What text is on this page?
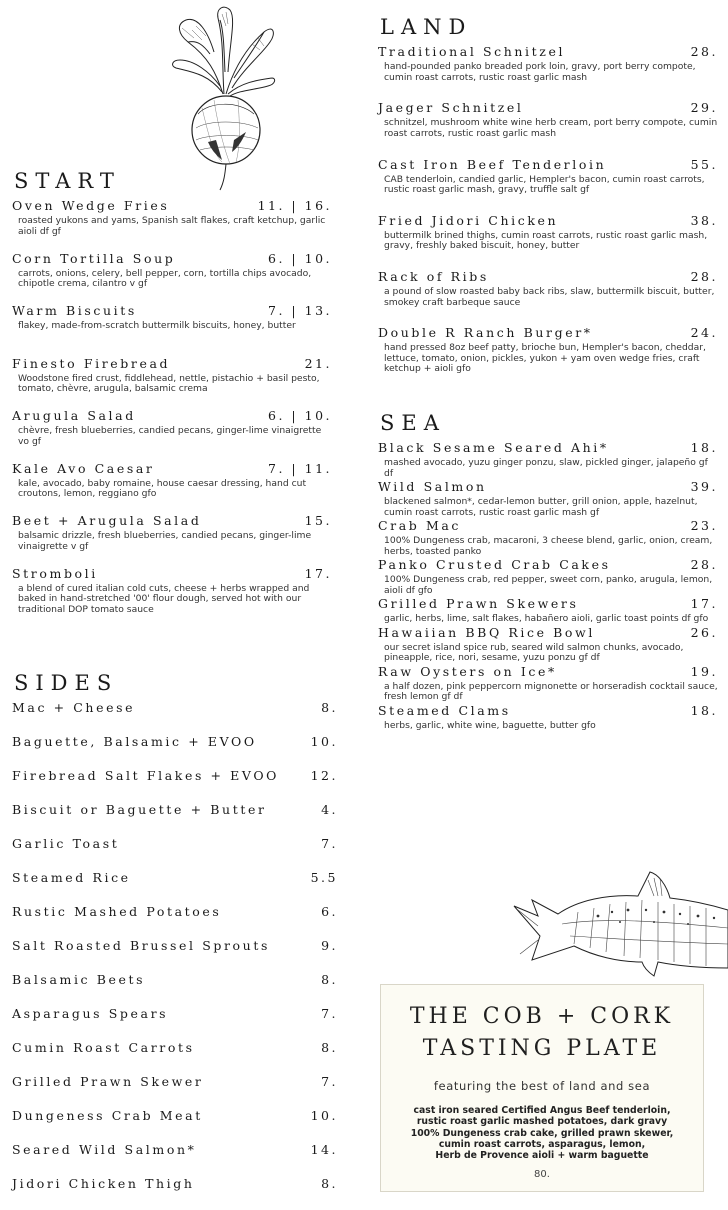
START
Oven Wedge Fries	11. | 16.
roasted yukons and yams, Spanish salt flakes, craft ketchup, garlic aioli df gf
Corn Tortilla Soup	6. | 10.
carrots, onions, celery, bell pepper, corn, tortilla chips avocado, chipotle crema, cilantro v gf
Warm Biscuits	7. | 13.
flakey, made-from-scratch buttermilk biscuits, honey, butter
Finesto Firebread	21.
Woodstone fired crust, fiddlehead, nettle, pistachio + basil pesto, tomato, chèvre, arugula, balsamic crema
Arugula Salad	6. | 10.
chèvre, fresh blueberries, candied pecans, ginger-lime vinaigrette vo gf
Kale Avo Caesar	7. | 11.
kale, avocado, baby romaine, house caesar dressing, hand cut croutons, lemon, reggiano gfo
Beet + Arugula Salad	15.
balsamic drizzle, fresh blueberries, candied pecans, ginger-lime vinaigrette v gf
Stromboli	17.
a blend of cured italian cold cuts, cheese + herbs wrapped and baked in hand-stretched '00' flour dough, served hot with our traditional DOP tomato sauce
SIDES
Mac + Cheese	8.
Baguette, Balsamic + EVOO	10.
Firebread Salt Flakes + EVOO	12.
Biscuit or Baguette + Butter	4.
Garlic Toast	7.
Steamed Rice	5.5
Rustic Mashed Potatoes	6.
Salt Roasted Brussel Sprouts	9.
Balsamic Beets	8.
Asparagus Spears	7.
Cumin Roast Carrots	8.
Grilled Prawn Skewer	7.
Dungeness Crab Meat	10.
Seared Wild Salmon*	14.
Jidori Chicken Thigh	8.
LAND
Traditional Schnitzel	28.
hand-pounded panko breaded pork loin, gravy, port berry compote, cumin roast carrots, rustic roast garlic mash
Jaeger Schnitzel	29.
schnitzel, mushroom white wine herb cream, port berry compote, cumin roast carrots, rustic roast garlic mash
Cast Iron Beef Tenderloin	55.
CAB tenderloin, candied garlic, Hempler's bacon, cumin roast carrots, rustic roast garlic mash, gravy, truffle salt gf
Fried Jidori Chicken	38.
buttermilk brined thighs, cumin roast carrots, rustic roast garlic mash, gravy, freshly baked biscuit, honey, butter
Rack of Ribs	28.
a pound of slow roasted baby back ribs, slaw, buttermilk biscuit, butter, smokey craft barbeque sauce
Double R Ranch Burger*	24.
hand pressed 8oz beef patty, brioche bun, Hempler's bacon, cheddar, lettuce, tomato, onion, pickles, yukon + yam oven wedge fries, craft ketchup + aioli gfo
SEA
Black Sesame Seared Ahi*	18.
mashed avocado, yuzu ginger ponzu, slaw, pickled ginger, jalapeño gf df
Wild Salmon	39.
blackened salmon*, cedar-lemon butter, grill onion, apple, hazelnut, cumin roast carrots, rustic roast garlic mash gf
Crab Mac	23.
100% Dungeness crab, macaroni, 3 cheese blend, garlic, onion, cream, herbs, toasted panko
Panko Crusted Crab Cakes	28.
100% Dungeness crab, red pepper, sweet corn, panko, arugula, lemon, aioli df gfo
Grilled Prawn Skewers	17.
garlic, herbs, lime, salt flakes, habañero aioli, garlic toast points df gfo
Hawaiian BBQ Rice Bowl	26.
our secret island spice rub, seared wild salmon chunks, avocado, pineapple, rice, nori, sesame, yuzu ponzu gf df
Raw Oysters on Ice*	19.
a half dozen, pink peppercorn mignonette or horseradish cocktail sauce, fresh lemon gf df
Steamed Clams	18.
herbs, garlic, white wine, baguette, butter gfo
THE COB + CORK
TASTING PLATE
featuring the best of land and sea
cast iron seared Certified Angus Beef tenderloin,
rustic roast garlic mashed potatoes, dark gravy
100% Dungeness crab cake, grilled prawn skewer,
cumin roast carrots, asparagus, lemon,
Herb de Provence aioli + warm baguette
80.
